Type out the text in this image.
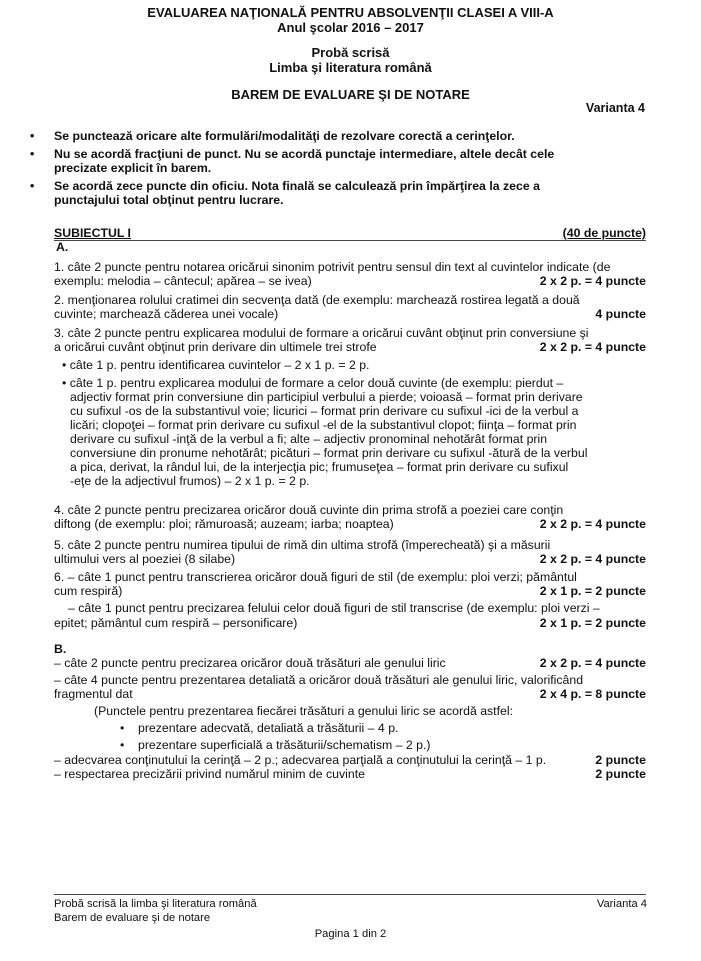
EVALUAREA NAŢIONALĂ PENTRU ABSOLVENŢII CLASEI A VIII-A
Anul şcolar 2016 – 2017
Probă scrisă
Limba şi literatura română
BAREM DE EVALUARE ŞI DE NOTARE
Varianta 4
• Se punctează oricare alte formulări/modalităţi de rezolvare corectă a cerinţelor.
• Nu se acordă fracţiuni de punct. Nu se acordă punctaje intermediare, altele decât cele
precizate explicit în barem.
• Se acordă zece puncte din oficiu. Nota finală se calculează prin împărţirea la zece a
punctajului total obţinut pentru lucrare.
SUBIECTUL I	(40 de puncte)
A.
1. câte 2 puncte pentru notarea oricărui sinonim potrivit pentru sensul din text al cuvintelor indicate (de
exemplu: melodia – cântecul; apărea – se ivea)	2 x 2 p. = 4 puncte
2. menţionarea rolului cratimei din secvenţa dată (de exemplu: marchează rostirea legată a două
cuvinte; marchează căderea unei vocale)	4 puncte
3. câte 2 puncte pentru explicarea modului de formare a oricărui cuvânt obţinut prin conversiune şi
a oricărui cuvânt obţinut prin derivare din ultimele trei strofe	2 x 2 p. = 4 puncte
• câte 1 p. pentru identificarea cuvintelor – 2 x 1 p. = 2 p.
• câte 1 p. pentru explicarea modului de formare a celor două cuvinte (de exemplu: pierdut –
adjectiv format prin conversiune din participiul verbului a pierde; voioasă – format prin derivare
cu sufixul -os de la substantivul voie; licurici – format prin derivare cu sufixul -ici de la verbul a
licări; clopoţei – format prin derivare cu sufixul -el de la substantivul clopot; fiinţa – format prin
derivare cu sufixul -inţă de la verbul a fi; alte – adjectiv pronominal nehotărât format prin
conversiune din pronume nehotărât; picături – format prin derivare cu sufixul -ătură de la verbul
a pica, derivat, la rândul lui, de la interjecţia pic; frumuseţea – format prin derivare cu sufixul
-eţe de la adjectivul frumos) – 2 x 1 p. = 2 p.
4. câte 2 puncte pentru precizarea oricăror două cuvinte din prima strofă a poeziei care conţin
diftong (de exemplu: ploi; rămuroasă; auzeam; iarba; noaptea)	2 x 2 p. = 4 puncte
5. câte 2 puncte pentru numirea tipului de rimă din ultima strofă (împerecheată) şi a măsurii
ultimului vers al poeziei (8 silabe)	2 x 2 p. = 4 puncte
6. – câte 1 punct pentru transcrierea oricăror două figuri de stil (de exemplu: ploi verzi; pământul
cum respiră)	2 x 1 p. = 2 puncte
– câte 1 punct pentru precizarea felului celor două figuri de stil transcrise (de exemplu: ploi verzi –
epitet; pământul cum respiră – personificare)	2 x 1 p. = 2 puncte
B.
– câte 2 puncte pentru precizarea oricăror două trăsături ale genului liric	2 x 2 p. = 4 puncte
– câte 4 puncte pentru prezentarea detaliată a oricăror două trăsături ale genului liric, valorificând
fragmentul dat	2 x 4 p. = 8 puncte
(Punctele pentru prezentarea fiecărei trăsături a genului liric se acordă astfel:
• prezentare adecvată, detaliată a trăsăturii – 4 p.
• prezentare superficială a trăsăturii/schematism – 2 p.)
– adecvarea conţinutului la cerinţă – 2 p.; adecvarea parţială a conţinutului la cerinţă – 1 p.	2 puncte
– respectarea precizării privind numărul minim de cuvinte	2 puncte
Probă scrisă la limba şi literatura română
Barem de evaluare şi de notare
Varianta 4
Pagina 1 din 2
